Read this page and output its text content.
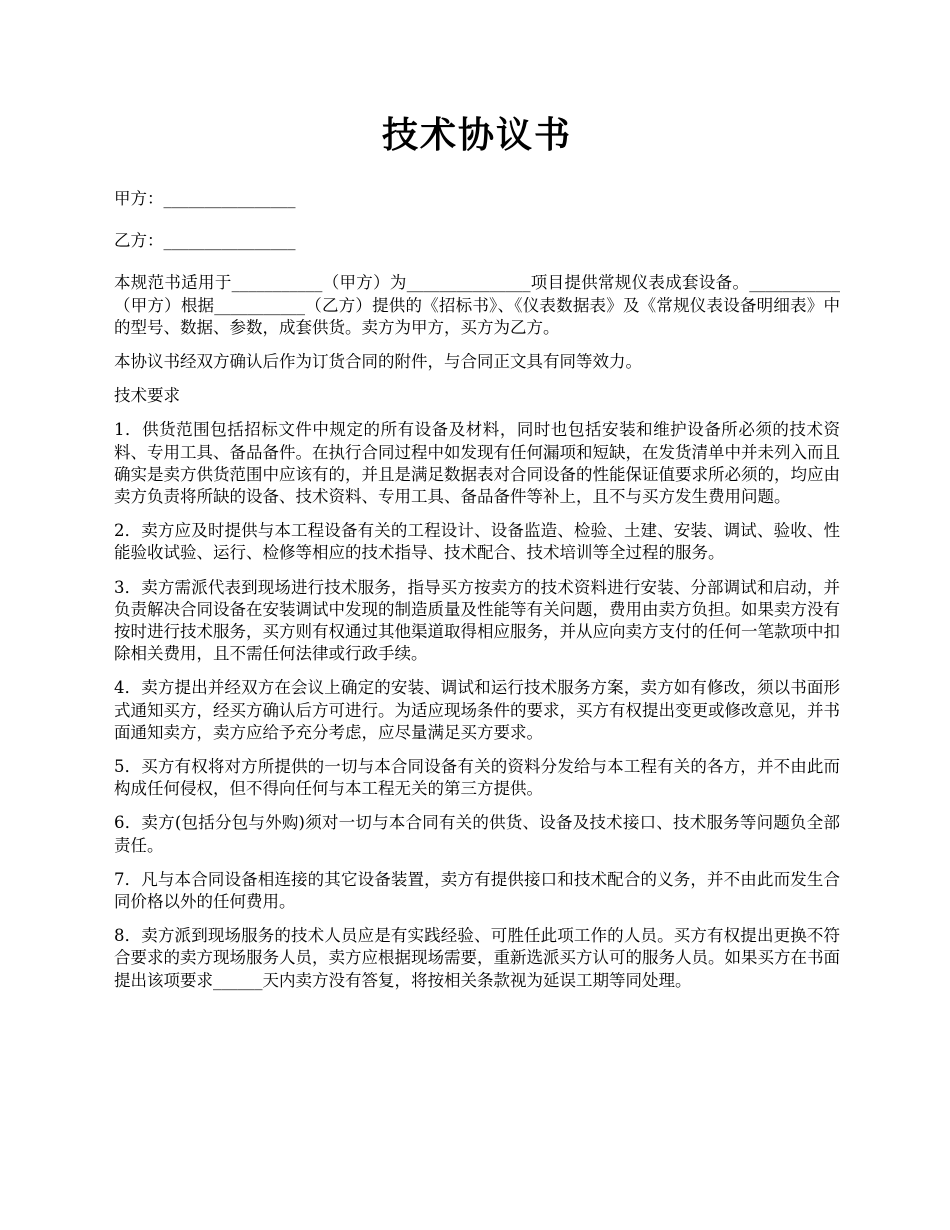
技术协议书

甲方：________________

乙方：________________

本规范书适用于___________（甲方）为_______________项目提供常规仪表成套设备。___________（甲方）根据___________（乙方）提供的《招标书》、《仪表数据表》及《常规仪表设备明细表》中的型号、数据、参数，成套供货。卖方为甲方，买方为乙方。

本协议书经双方确认后作为订货合同的附件，与合同正文具有同等效力。

技术要求

1．供货范围包括招标文件中规定的所有设备及材料，同时也包括安装和维护设备所必须的技术资料、专用工具、备品备件。在执行合同过程中如发现有任何漏项和短缺，在发货清单中并未列入而且确实是卖方供货范围中应该有的，并且是满足数据表对合同设备的性能保证值要求所必须的，均应由卖方负责将所缺的设备、技术资料、专用工具、备品备件等补上，且不与买方发生费用问题。

2．卖方应及时提供与本工程设备有关的工程设计、设备监造、检验、土建、安装、调试、验收、性能验收试验、运行、检修等相应的技术指导、技术配合、技术培训等全过程的服务。

3．卖方需派代表到现场进行技术服务，指导买方按卖方的技术资料进行安装、分部调试和启动，并负责解决合同设备在安装调试中发现的制造质量及性能等有关问题，费用由卖方负担。如果卖方没有按时进行技术服务，买方则有权通过其他渠道取得相应服务，并从应向卖方支付的任何一笔款项中扣除相关费用，且不需任何法律或行政手续。

4．卖方提出并经双方在会议上确定的安装、调试和运行技术服务方案，卖方如有修改，须以书面形式通知买方，经买方确认后方可进行。为适应现场条件的要求，买方有权提出变更或修改意见，并书面通知卖方，卖方应给予充分考虑，应尽量满足买方要求。

5．买方有权将对方所提供的一切与本合同设备有关的资料分发给与本工程有关的各方，并不由此而构成任何侵权，但不得向任何与本工程无关的第三方提供。

6．卖方(包括分包与外购)须对一切与本合同有关的供货、设备及技术接口、技术服务等问题负全部责任。

7．凡与本合同设备相连接的其它设备装置，卖方有提供接口和技术配合的义务，并不由此而发生合同价格以外的任何费用。

8．卖方派到现场服务的技术人员应是有实践经验、可胜任此项工作的人员。买方有权提出更换不符合要求的卖方现场服务人员，卖方应根据现场需要，重新选派买方认可的服务人员。如果买方在书面提出该项要求______天内卖方没有答复，将按相关条款视为延误工期等同处理。
